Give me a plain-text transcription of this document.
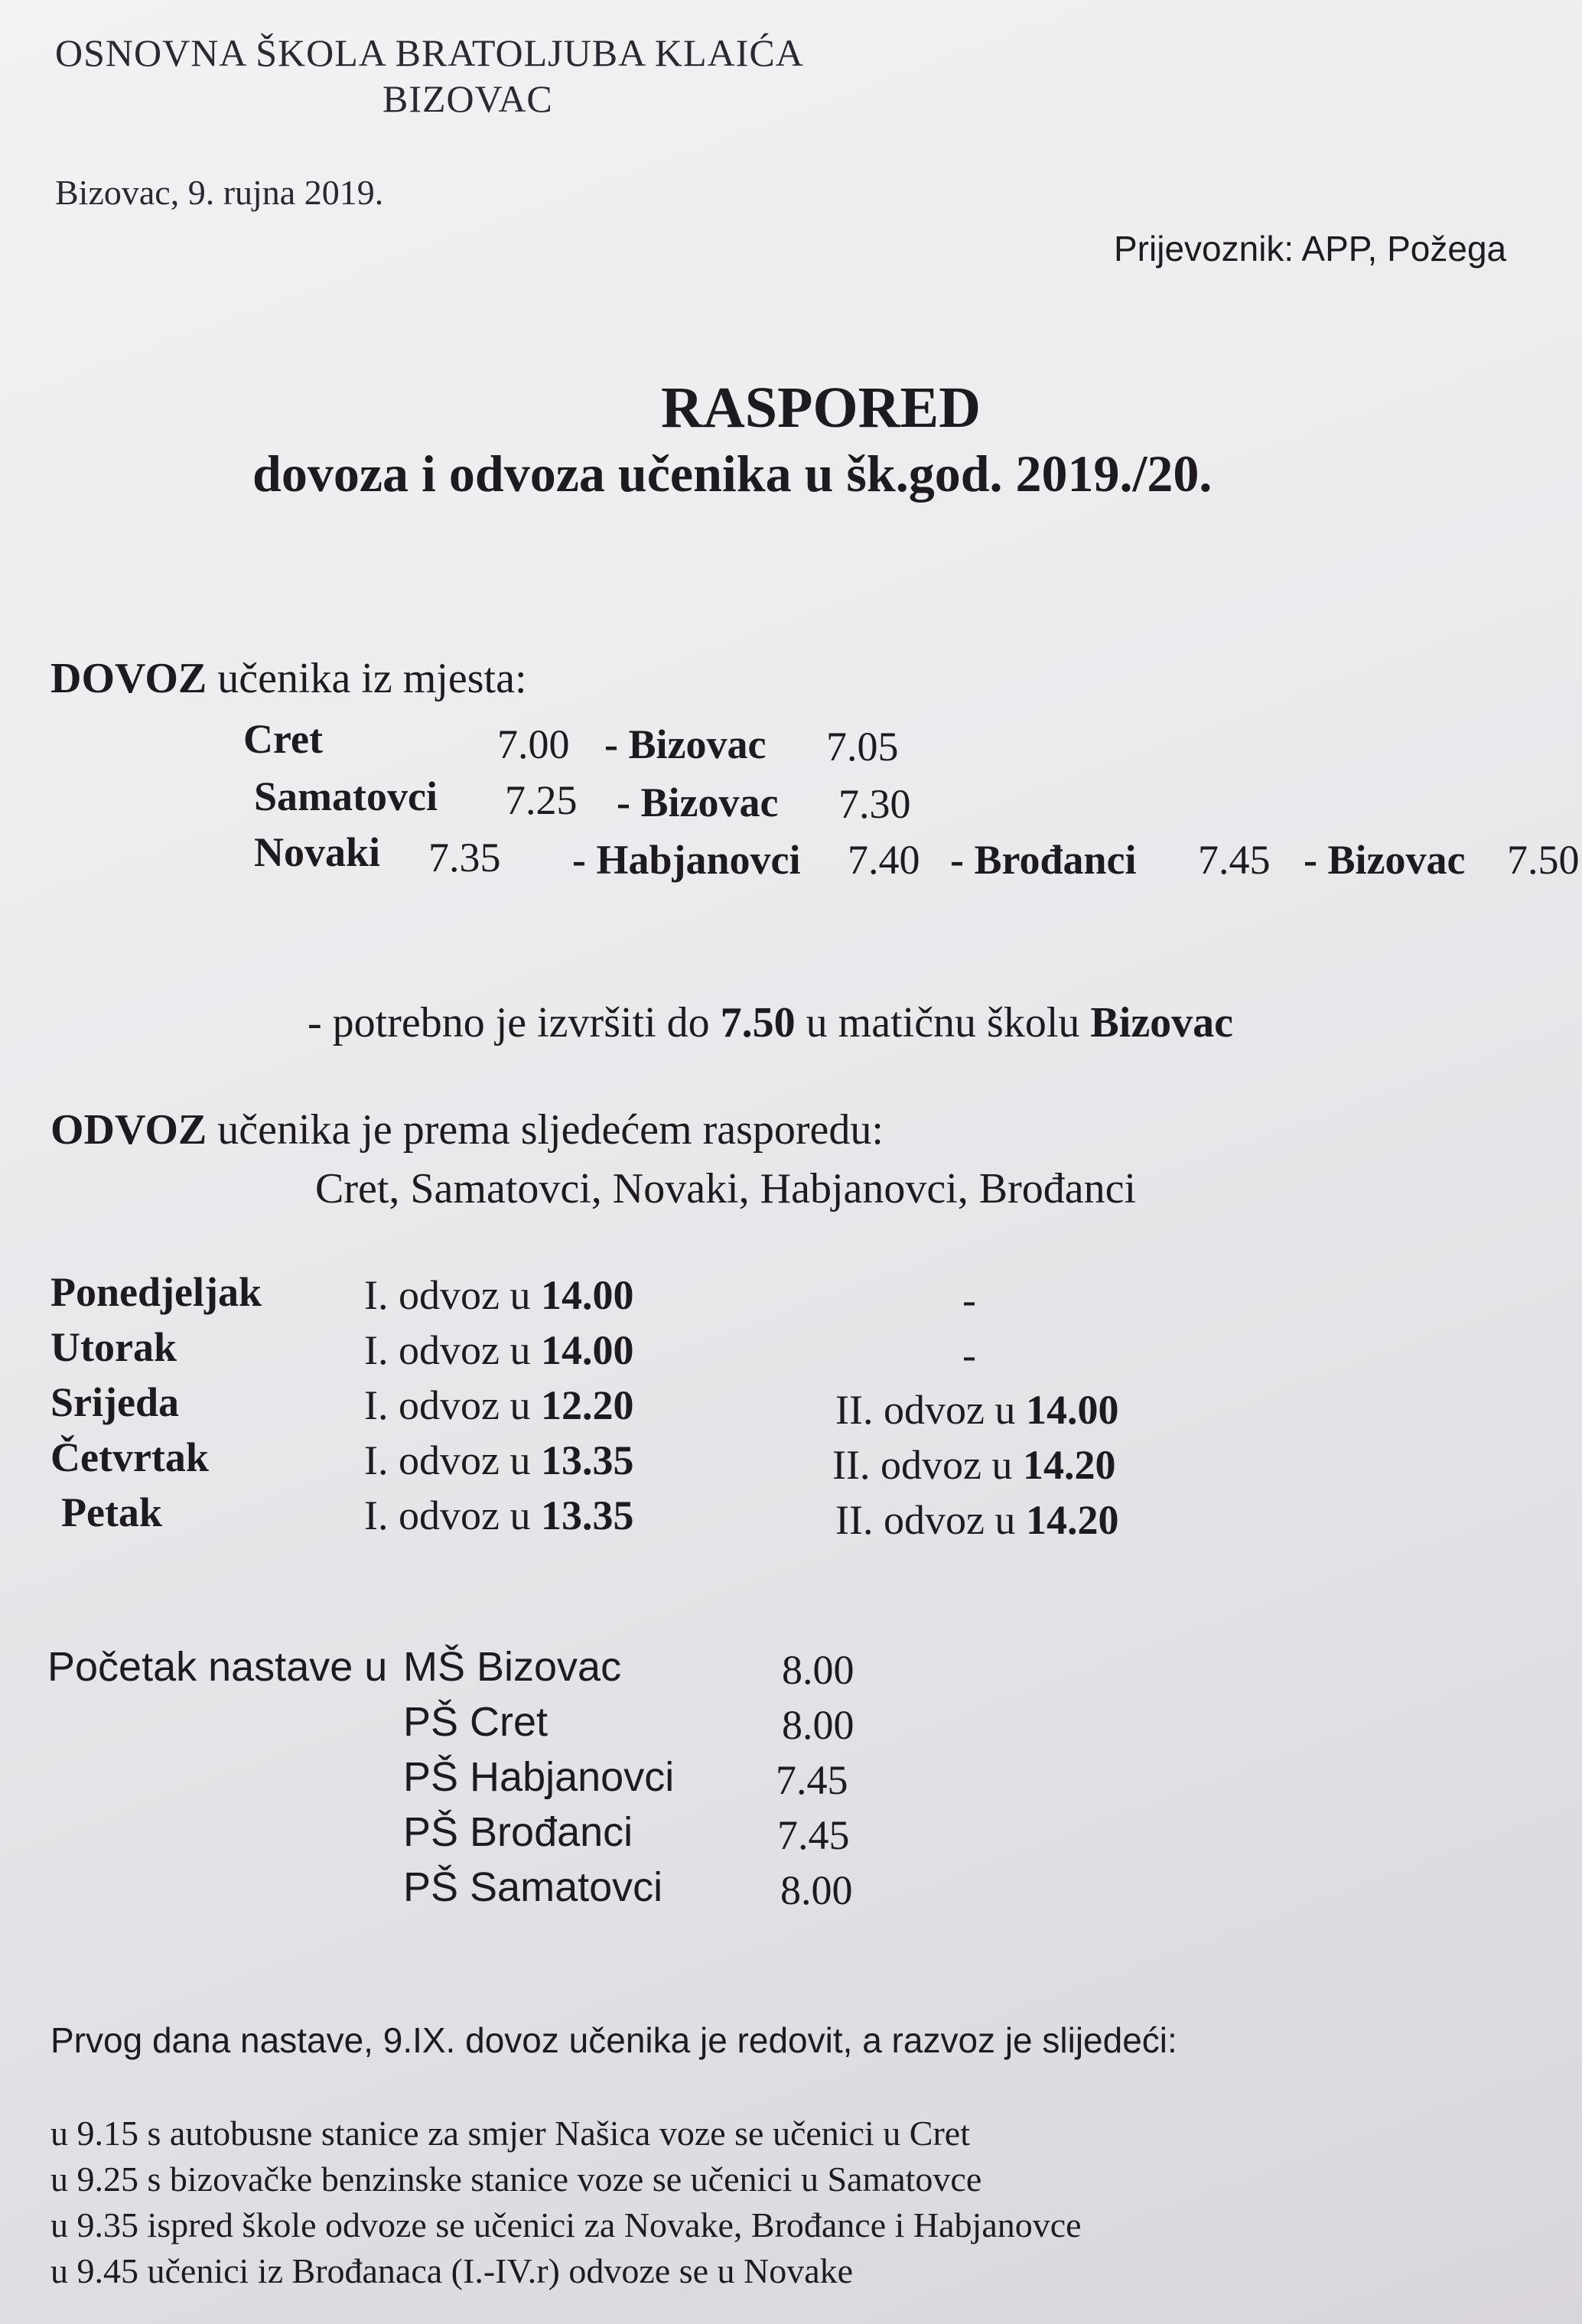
OSNOVNA ŠKOLA BRATOLJUBA KLAIĆA
BIZOVAC
Bizovac, 9. rujna 2019.
Prijevoznik: APP, Požega
RASPORED
dovoza i odvoza učenika u šk.god. 2019./20.
DOVOZ učenika iz mjesta:
Cret	7.00 - Bizovac 7.05
Samatovci 7.25 - Bizovac 7.30
Novaki 7.35 - Habjanovci 7.40 - Brođanci 7.45 - Bizovac 7.50
- potrebno je izvršiti do 7.50 u matičnu školu Bizovac
ODVOZ učenika je prema sljedećem rasporedu:
Cret, Samatovci, Novaki, Habjanovci, Brođanci
Ponedjeljak I. odvoz u 14.00	-
Utorak	I. odvoz u 14.00	-
Srijeda	I. odvoz u 12.20	II. odvoz u 14.00
Četvrtak	I. odvoz u 13.35	II. odvoz u 14.20
Petak	I. odvoz u 13.35	II. odvoz u 14.20
Početak nastave u MŠ Bizovac	8.00
PŠ Cret	8.00
PŠ Habjanovci 7.45
PŠ Brođanci	7.45
PŠ Samatovci	8.00
Prvog dana nastave, 9.IX. dovoz učenika je redovit, a razvoz je slijedeći:
u 9.15 s autobusne stanice za smjer Našica voze se učenici u Cret
u 9.25 s bizovačke benzinske stanice voze se učenici u Samatovce
u 9.35 ispred škole odvoze se učenici za Novake, Brođance i Habjanovce
u 9.45 učenici iz Brođanaca (I.-IV.r) odvoze se u Novake
